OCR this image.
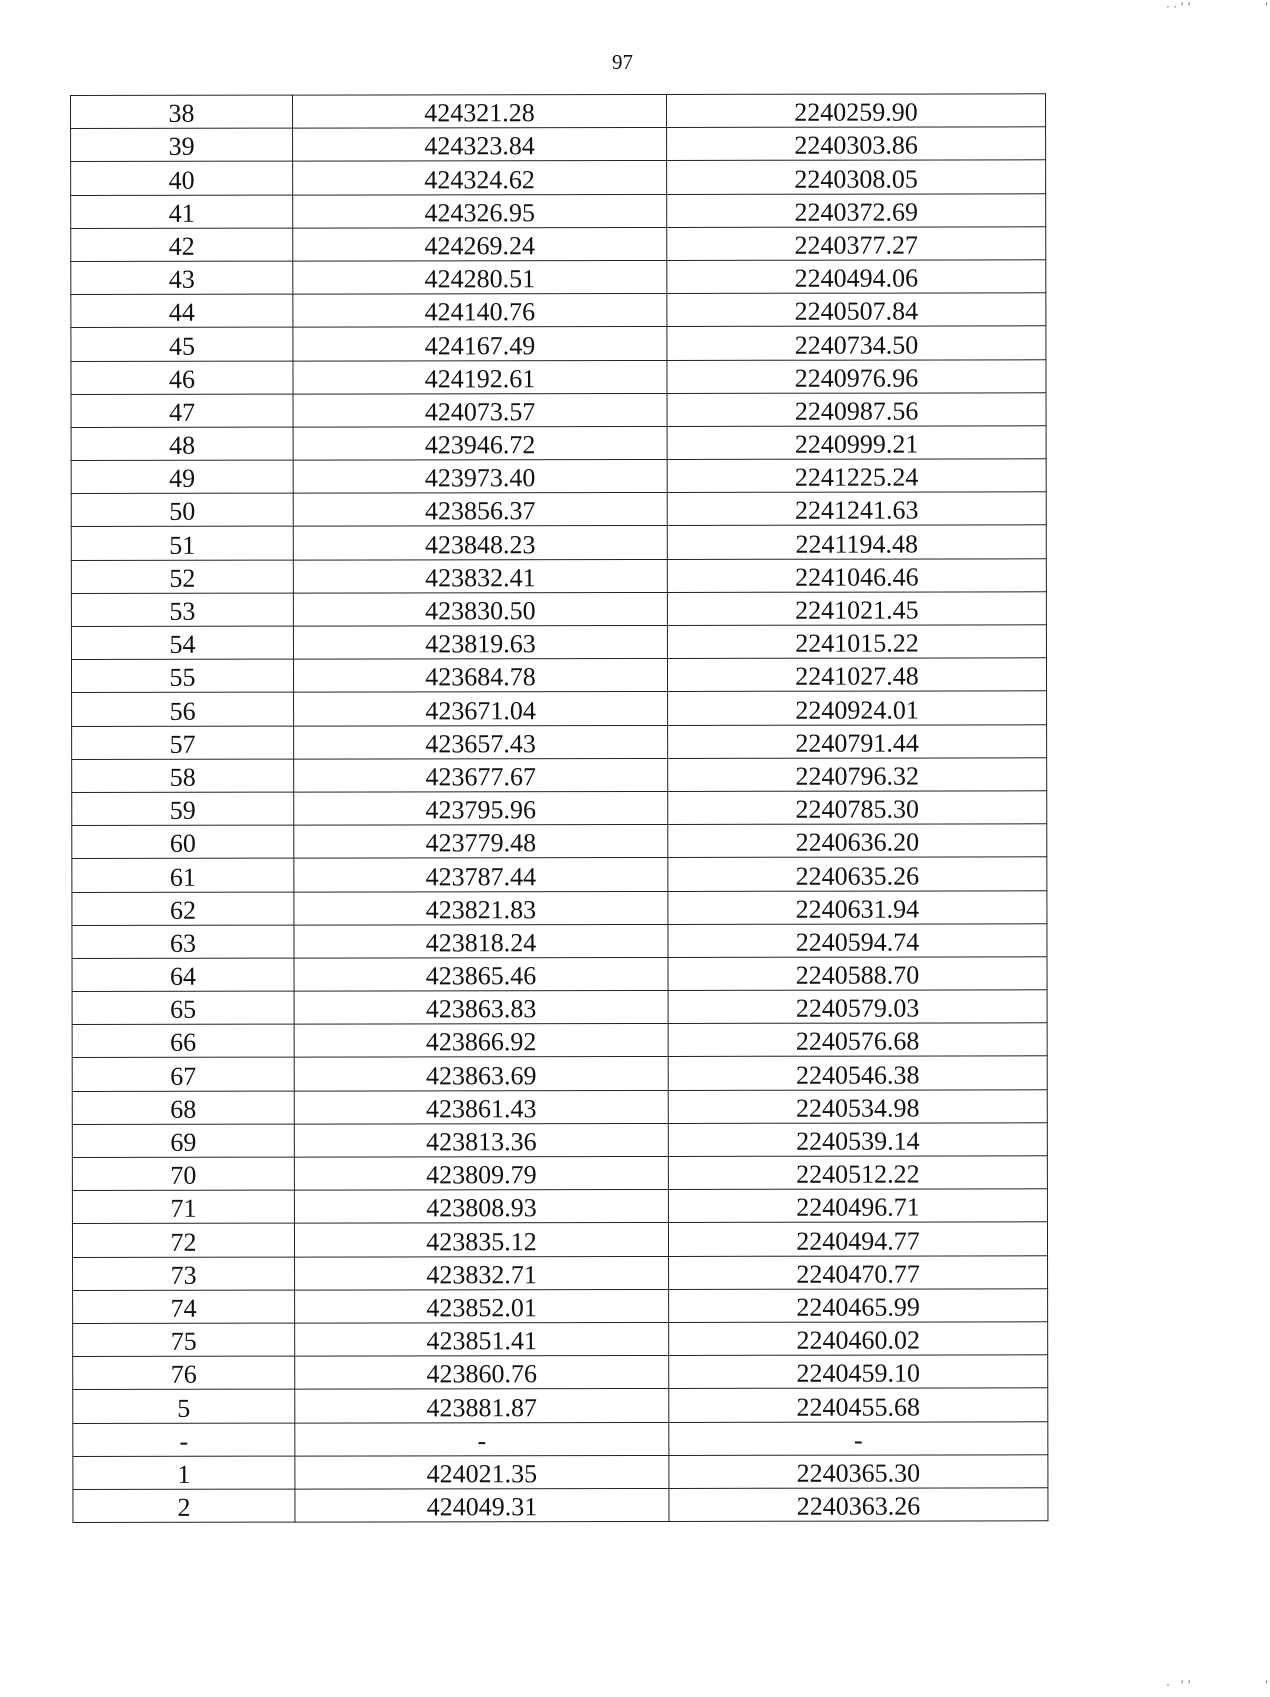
97
38	424321.28	2240259.90
39	424323.84	2240303.86
40	424324.62	2240308.05
41	424326.95	2240372.69
42	424269.24	2240377.27
43	424280.51	2240494.06
44	424140.76	2240507.84
45	424167.49	2240734.50
46	424192.61	2240976.96
47	424073.57	2240987.56
48	423946.72	2240999.21
49	423973.40	2241225.24
50	423856.37	2241241.63
51	423848.23	2241194.48
52	423832.41	2241046.46
53	423830.50	2241021.45
54	423819.63	2241015.22
55	423684.78	2241027.48
56	423671.04	2240924.01
57	423657.43	2240791.44
58	423677.67	2240796.32
59	423795.96	2240785.30
60	423779.48	2240636.20
61	423787.44	2240635.26
62	423821.83	2240631.94
63	423818.24	2240594.74
64	423865.46	2240588.70
65	423863.83	2240579.03
66	423866.92	2240576.68
67	423863.69	2240546.38
68	423861.43	2240534.98
69	423813.36	2240539.14
70	423809.79	2240512.22
71	423808.93	2240496.71
72	423835.12	2240494.77
73	423832.71	2240470.77
74	423852.01	2240465.99
75	423851.41	2240460.02
76	423860.76	2240459.10
5	423881.87	2240455.68
-	-	-
1	424021.35	2240365.30
2	424049.31	2240363.26
··’’          ’
· ’’          ’
